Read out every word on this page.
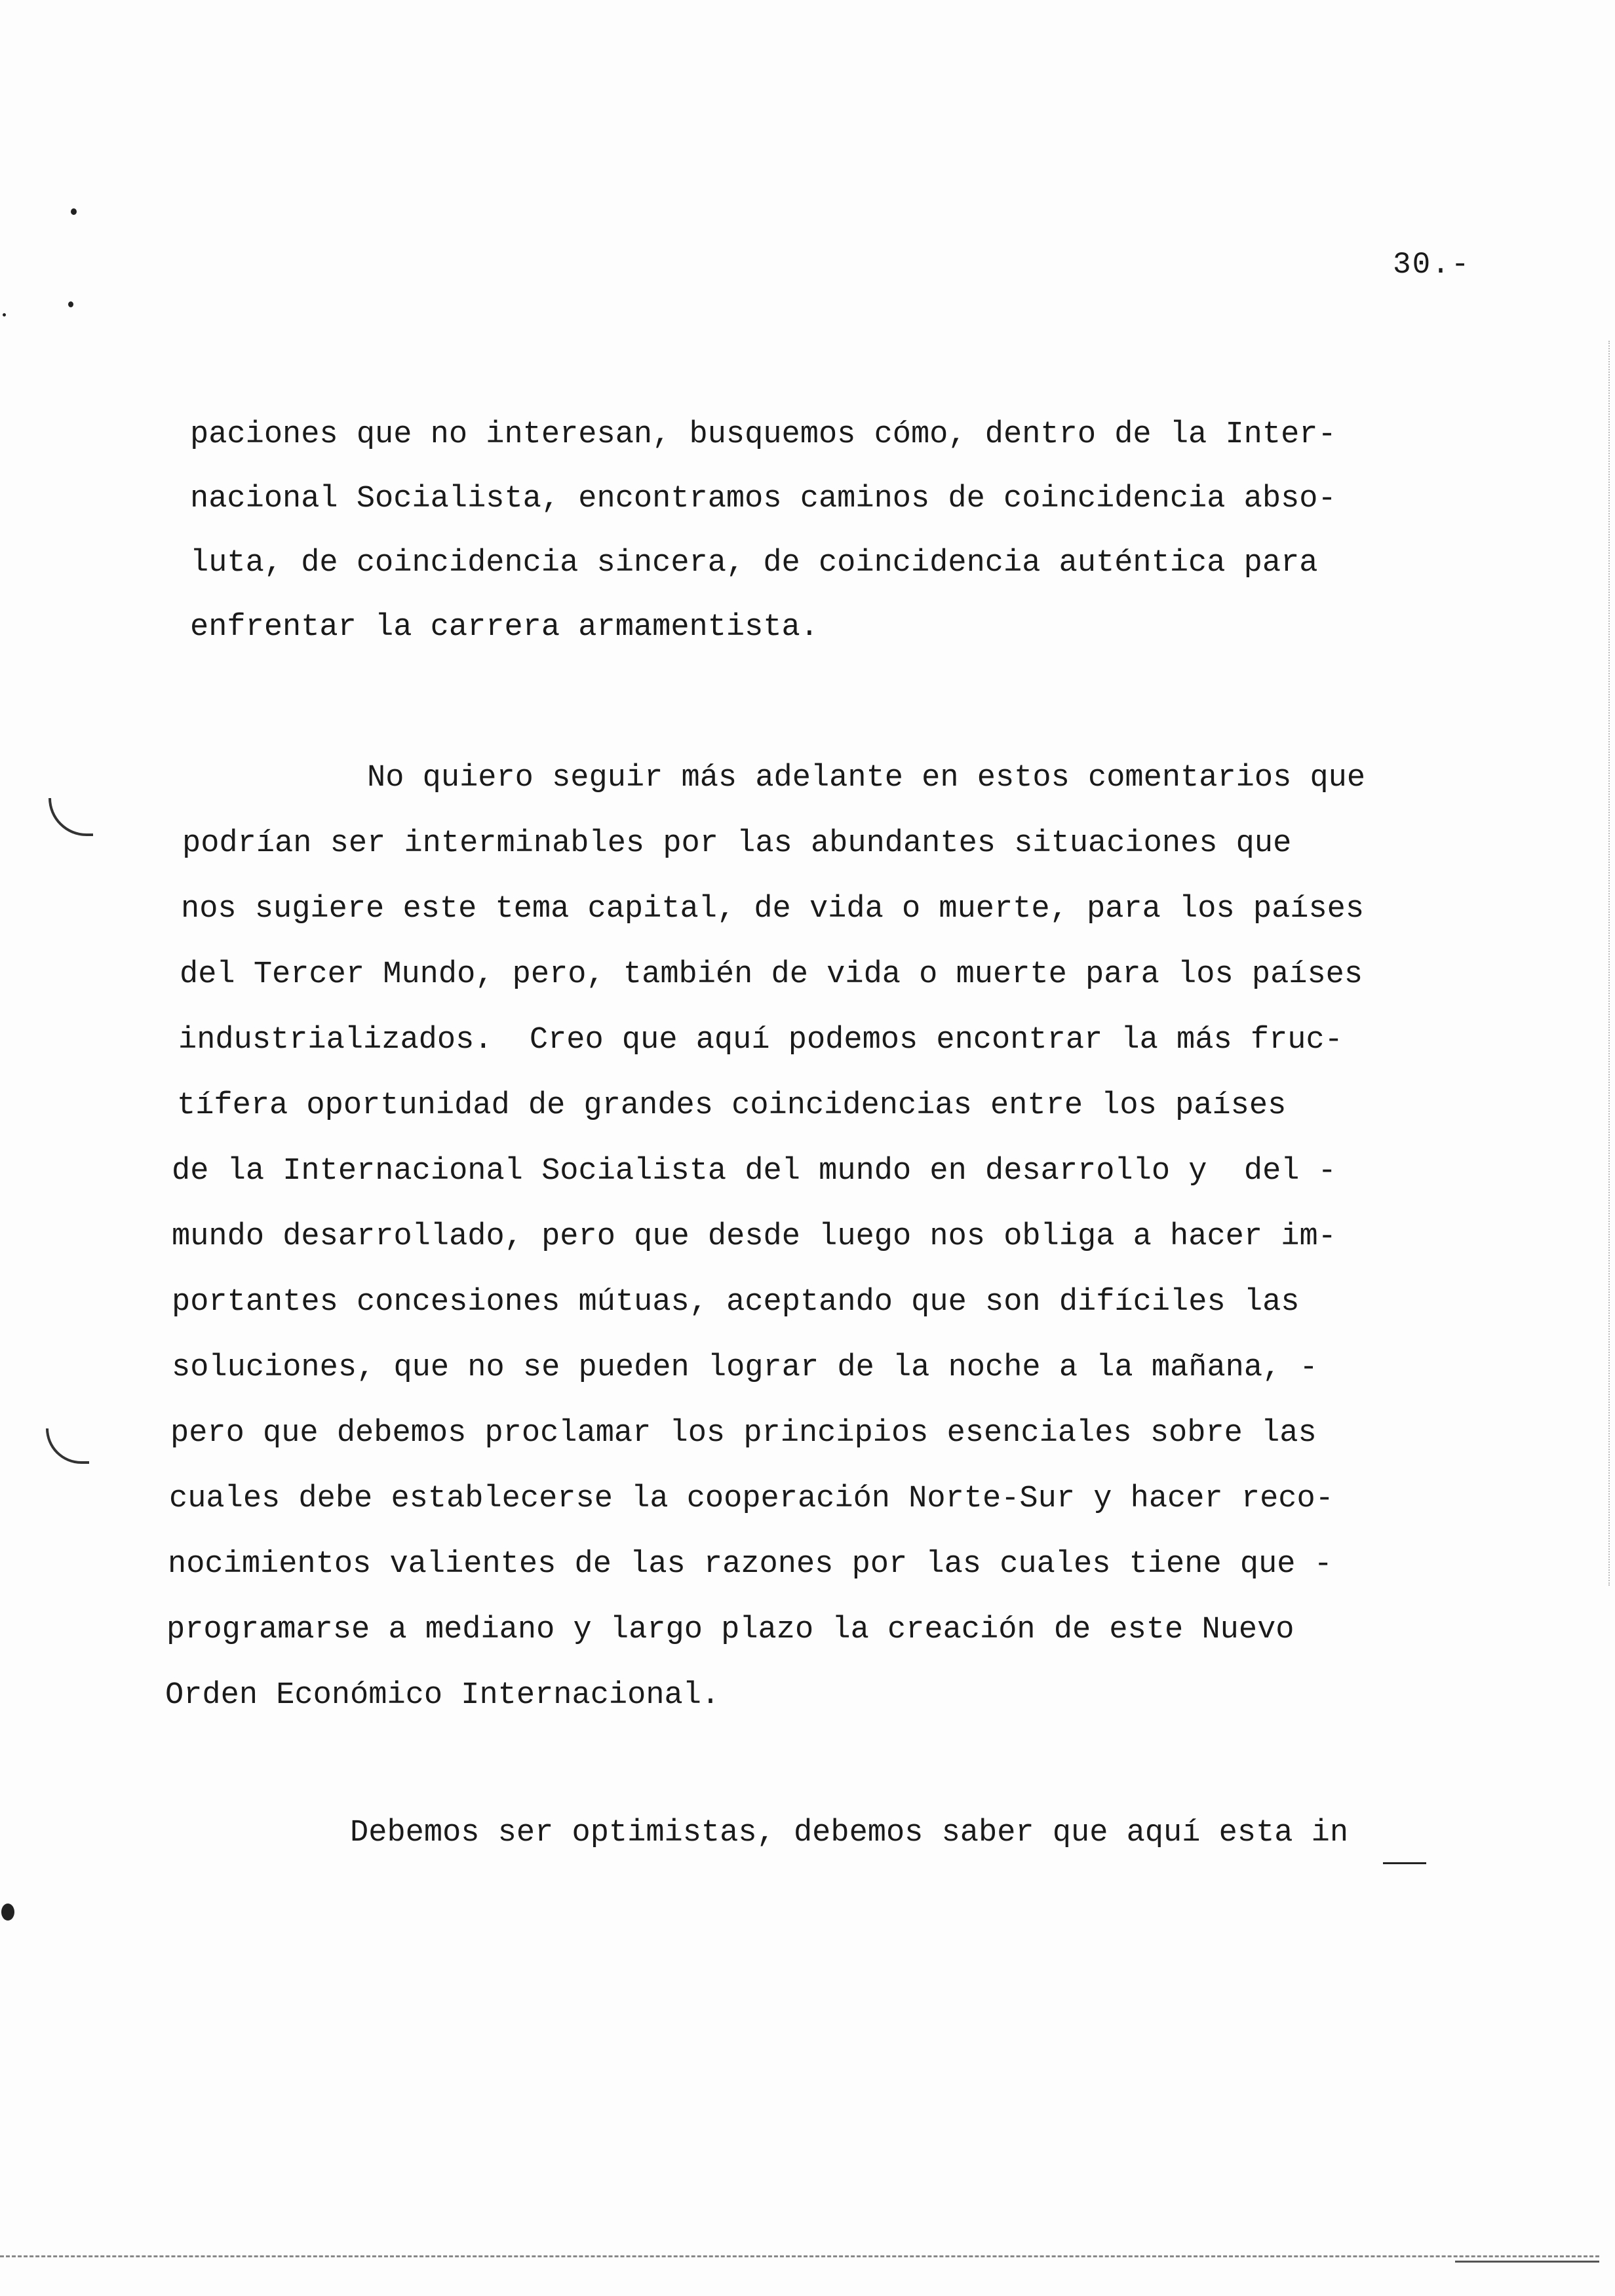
30.-
paciones que no interesan, busquemos cómo, dentro de la Inter-
nacional Socialista, encontramos caminos de coincidencia abso-
luta, de coincidencia sincera, de coincidencia auténtica para
enfrentar la carrera armamentista.
No quiero seguir más adelante en estos comentarios que
podrían ser interminables por las abundantes situaciones que
nos sugiere este tema capital, de vida o muerte, para los países
del Tercer Mundo, pero, también de vida o muerte para los países
industrializados.  Creo que aquí podemos encontrar la más fruc-
tífera oportunidad de grandes coincidencias entre los países
de la Internacional Socialista del mundo en desarrollo y  del -
mundo desarrollado, pero que desde luego nos obliga a hacer im-
portantes concesiones mútuas, aceptando que son difíciles las
soluciones, que no se pueden lograr de la noche a la mañana, -
pero que debemos proclamar los principios esenciales sobre las
cuales debe establecerse la cooperación Norte-Sur y hacer reco-
nocimientos valientes de las razones por las cuales tiene que -
programarse a mediano y largo plazo la creación de este Nuevo
Orden Económico Internacional.
Debemos ser optimistas, debemos saber que aquí esta in
